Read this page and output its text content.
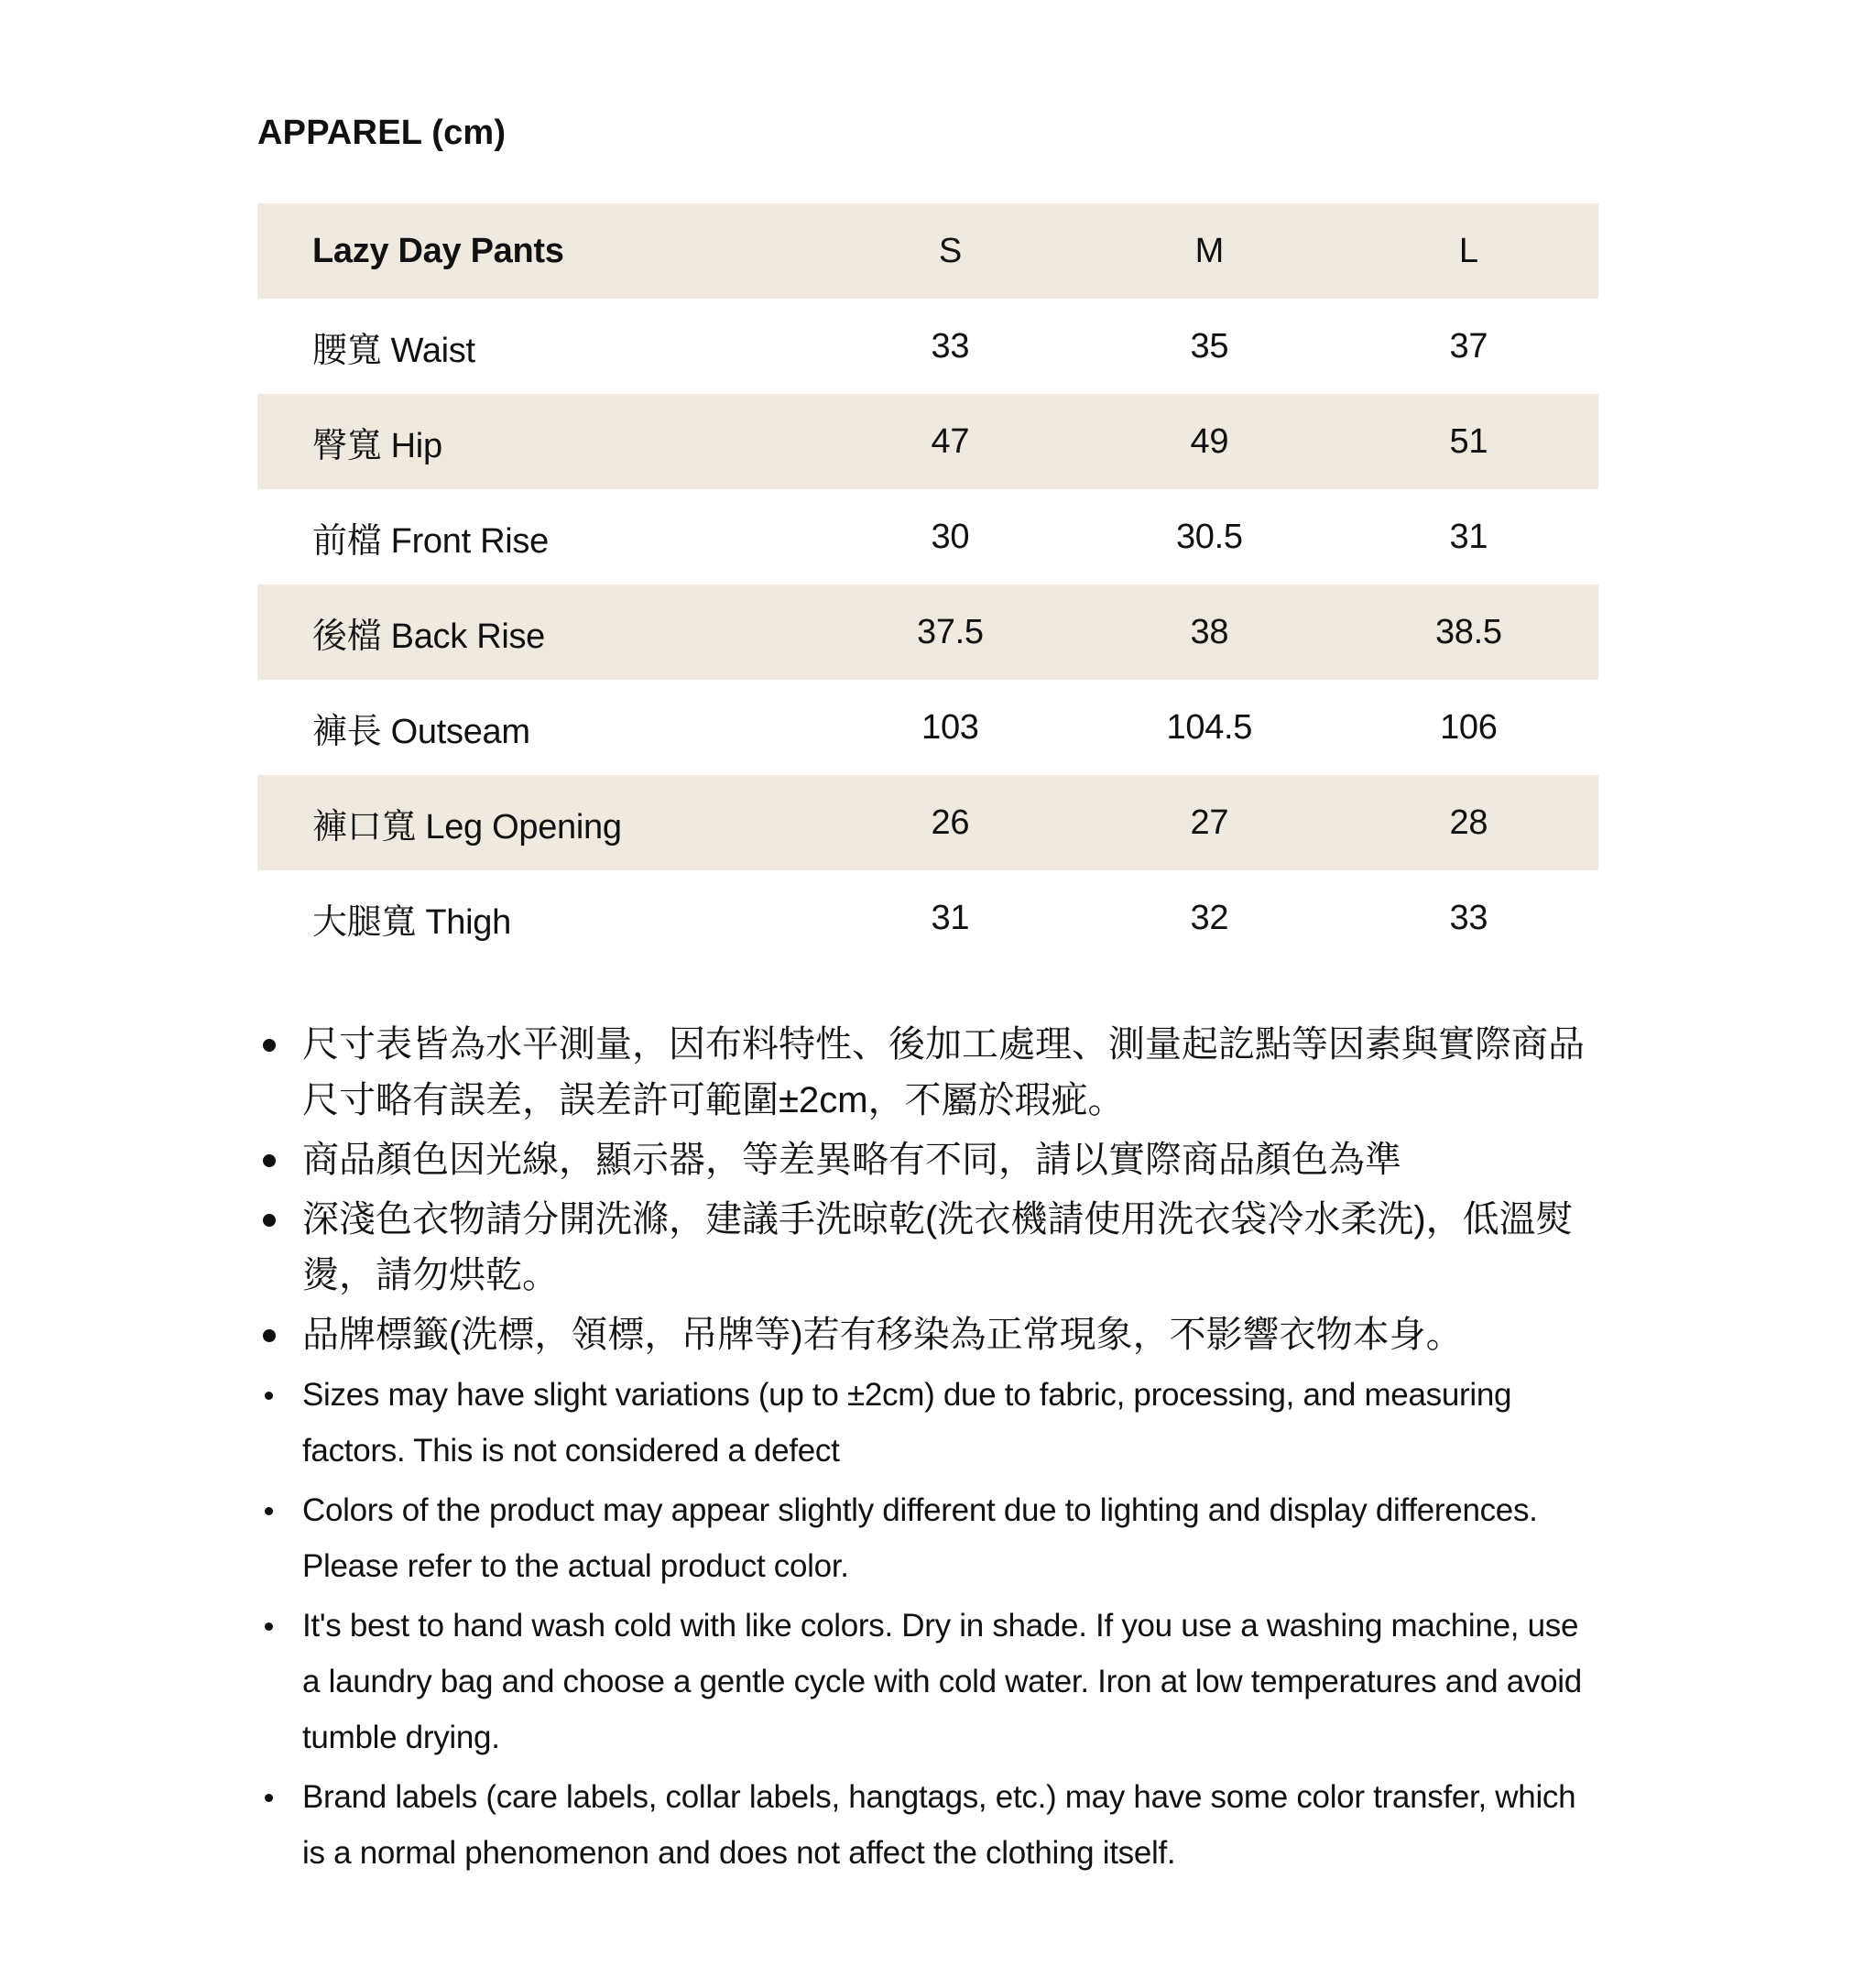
APPAREL (cm)
Lazy Day Pants	S	M	L
腰寬 Waist	33	35	37
臀寬 Hip	47	49	51
前檔 Front Rise	30	30.5	31
後檔 Back Rise	37.5	38	38.5
褲長 Outseam	103	104.5	106
褲口寬 Leg Opening	26	27	28
大腿寬 Thigh	31	32	33
尺寸表皆為水平測量，因布料特性、後加工處理、測量起訖點等因素與實際商品尺寸略有誤差，誤差許可範圍±2cm，不屬於瑕疵。
商品顏色因光線，顯示器，等差異略有不同，請以實際商品顏色為準
深淺色衣物請分開洗滌，建議手洗晾乾(洗衣機請使用洗衣袋冷水柔洗)，低溫熨燙，請勿烘乾。
品牌標籤(洗標，領標，吊牌等)若有移染為正常現象，不影響衣物本身。
Sizes may have slight variations (up to ±2cm) due to fabric, processing, and measuring factors. This is not considered a defect
Colors of the product may appear slightly different due to lighting and display differences. Please refer to the actual product color.
It's best to hand wash cold with like colors. Dry in shade. If you use a washing machine, use a laundry bag and choose a gentle cycle with cold water. Iron at low temperatures and avoid tumble drying.
Brand labels (care labels, collar labels, hangtags, etc.) may have some color transfer, which is a normal phenomenon and does not affect the clothing itself.
